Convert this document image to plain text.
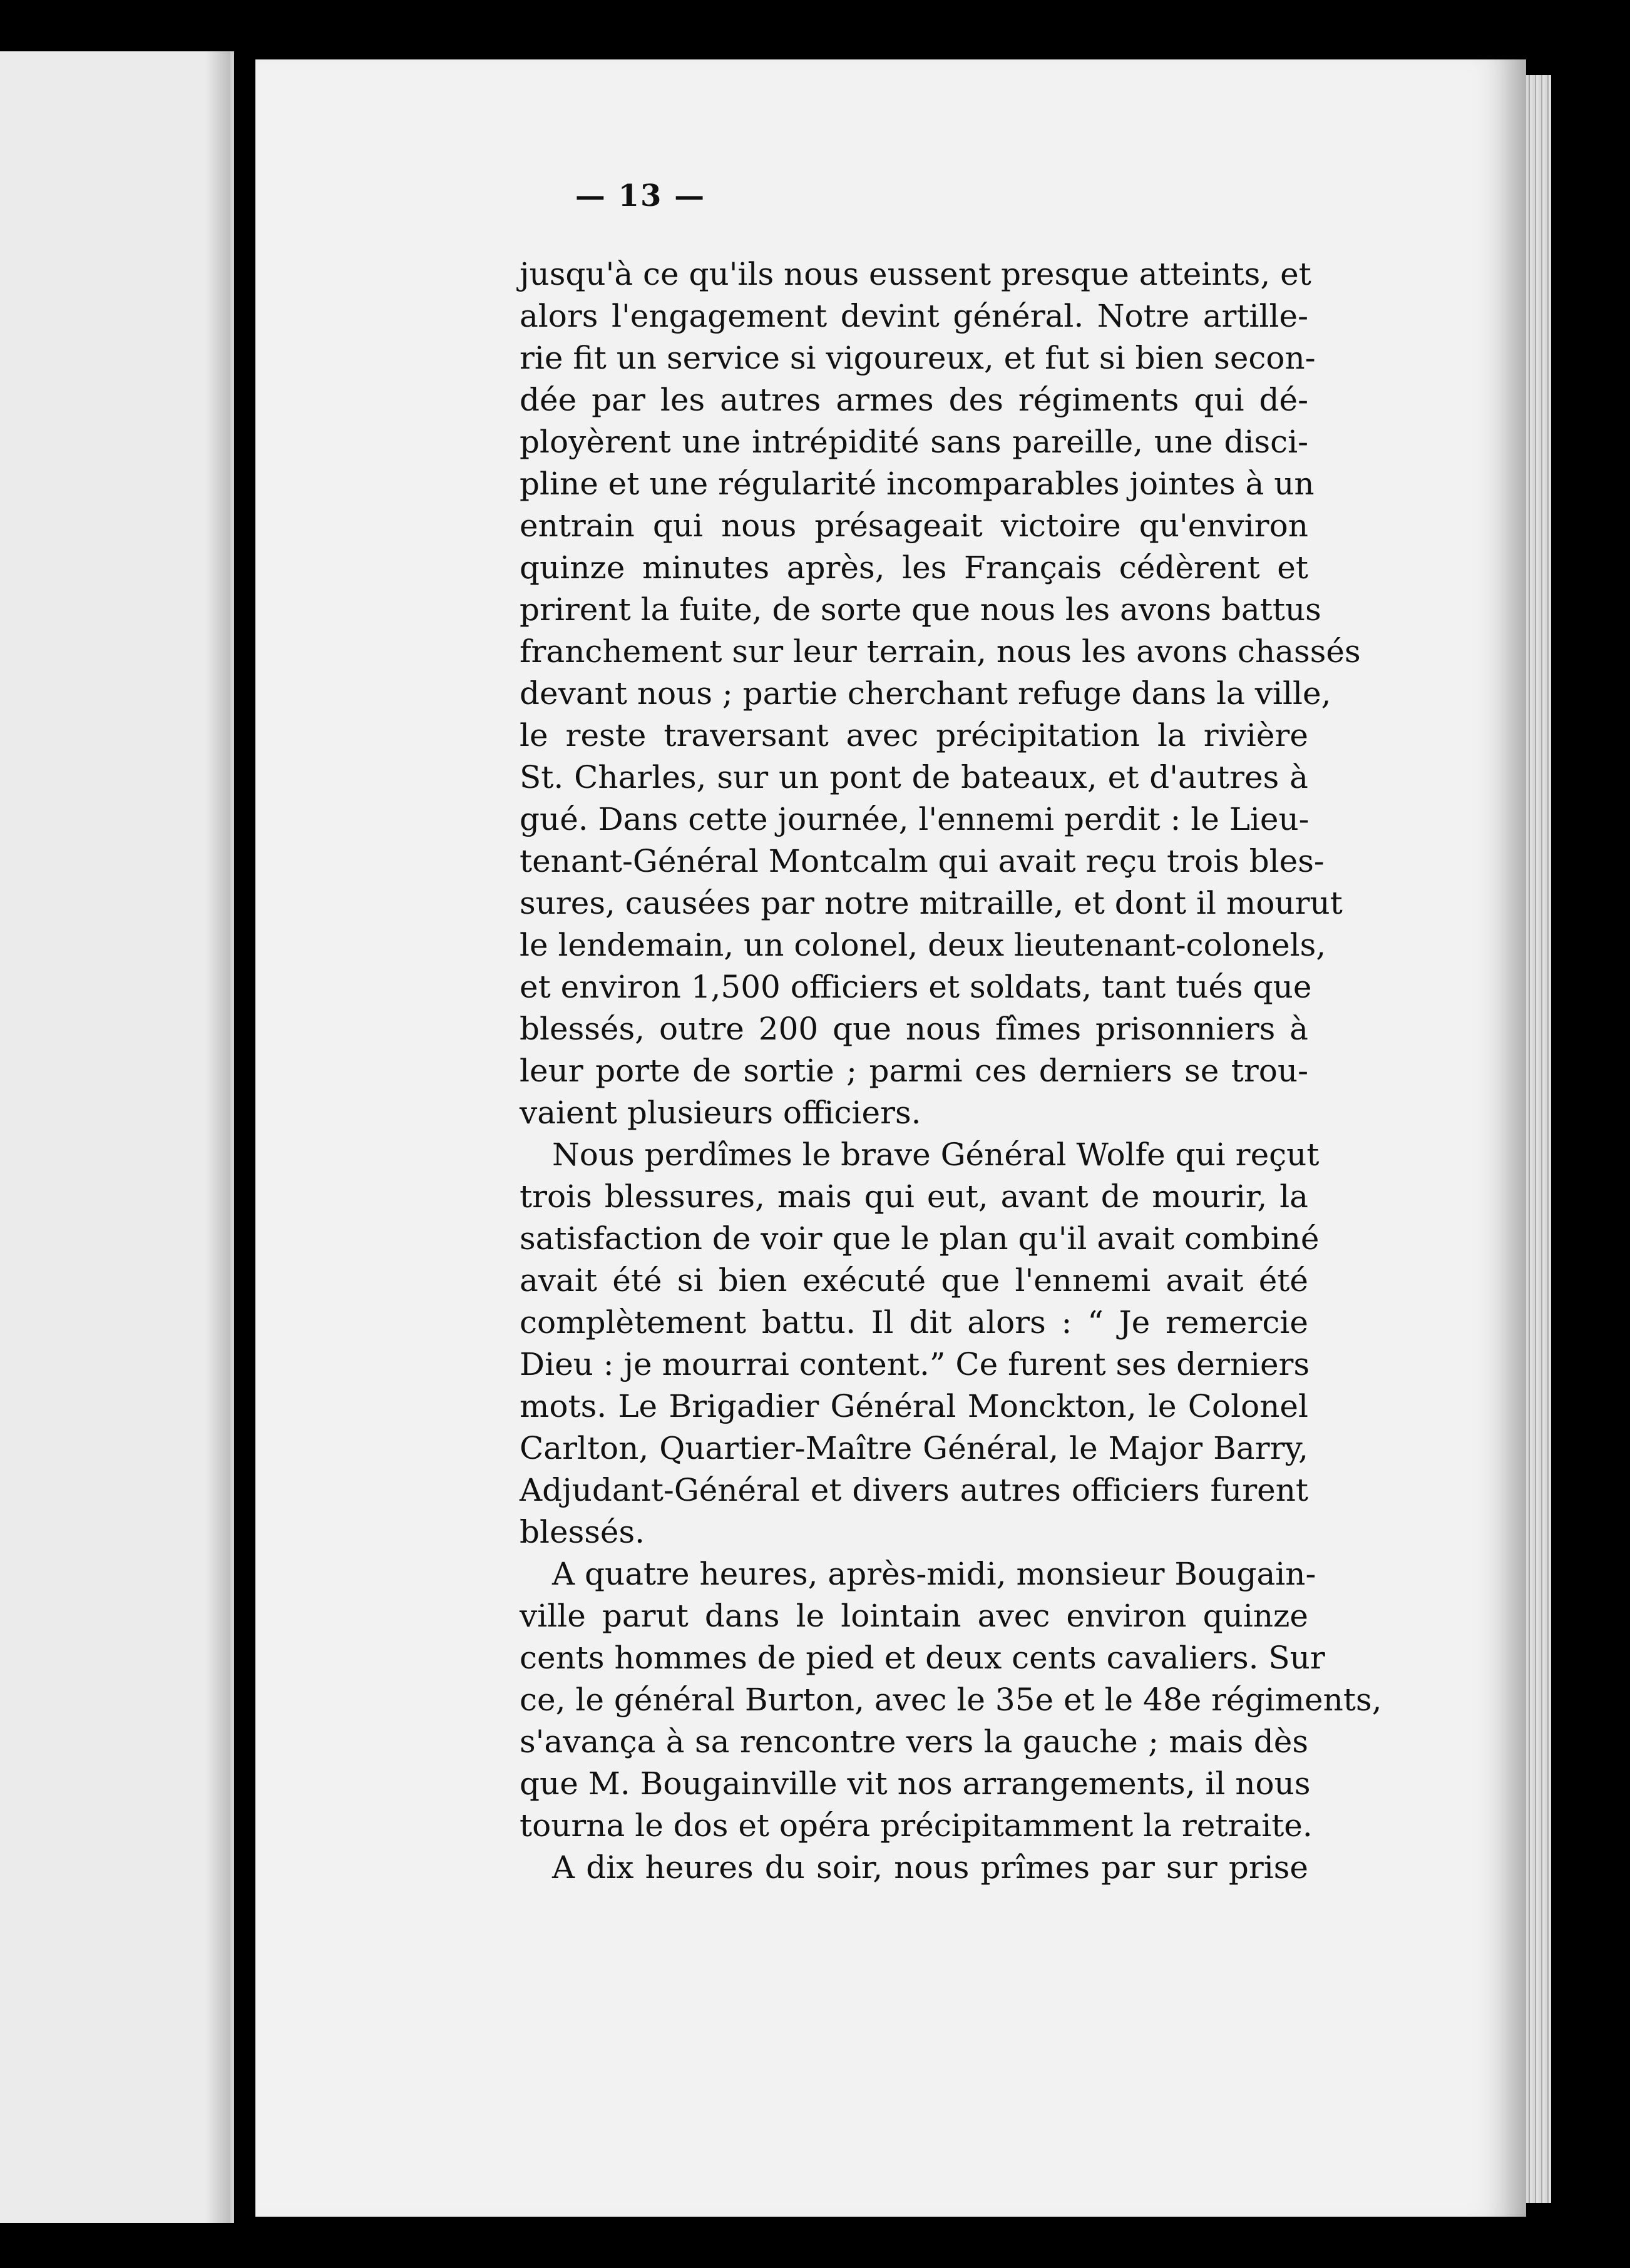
— 13 —
jusqu'à ce qu'ils nous eussent presque atteints, et
alors l'engagement devint général. Notre artille-
rie fit un service si vigoureux, et fut si bien secon-
dée par les autres armes des régiments qui dé-
ployèrent une intrépidité sans pareille, une disci-
pline et une régularité incomparables jointes à un
entrain qui nous présageait victoire qu'environ
quinze minutes après, les Français cédèrent et
prirent la fuite, de sorte que nous les avons battus
franchement sur leur terrain, nous les avons chassés
devant nous ; partie cherchant refuge dans la ville,
le reste traversant avec précipitation la rivière
St. Charles, sur un pont de bateaux, et d'autres à
gué. Dans cette journée, l'ennemi perdit : le Lieu-
tenant-Général Montcalm qui avait reçu trois bles-
sures, causées par notre mitraille, et dont il mourut
le lendemain, un colonel, deux lieutenant-colonels,
et environ 1,500 officiers et soldats, tant tués que
blessés, outre 200 que nous fîmes prisonniers à
leur porte de sortie ; parmi ces derniers se trou-
vaient plusieurs officiers.
Nous perdîmes le brave Général Wolfe qui reçut
trois blessures, mais qui eut, avant de mourir, la
satisfaction de voir que le plan qu'il avait combiné
avait été si bien exécuté que l'ennemi avait été
complètement battu. Il dit alors : “ Je remercie
Dieu : je mourrai content.” Ce furent ses derniers
mots. Le Brigadier Général Monckton, le Colonel
Carlton, Quartier-Maître Général, le Major Barry,
Adjudant-Général et divers autres officiers furent
blessés.
A quatre heures, après-midi, monsieur Bougain-
ville parut dans le lointain avec environ quinze
cents hommes de pied et deux cents cavaliers. Sur
ce, le général Burton, avec le 35e et le 48e régiments,
s'avança à sa rencontre vers la gauche ; mais dès
que M. Bougainville vit nos arrangements, il nous
tourna le dos et opéra précipitamment la retraite.
A dix heures du soir, nous prîmes par sur prise
